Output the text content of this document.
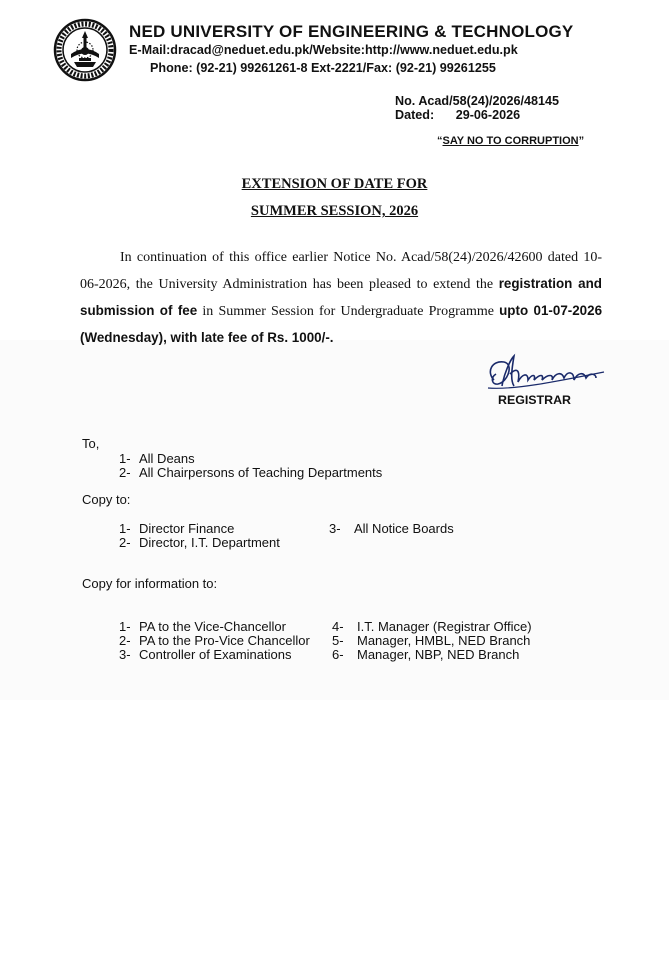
NED UNIVERSITY OF ENGINEERING & TECHNOLOGY
E-Mail:dracad@neduet.edu.pk/Website:http://www.neduet.edu.pk
Phone: (92-21) 99261261-8 Ext-2221/Fax: (92-21) 99261255
No. Acad/58(24)/2026/48145
Dated: 29-06-2026
“SAY NO TO CORRUPTION”
EXTENSION OF DATE FOR
SUMMER SESSION, 2026

In continuation of this office earlier Notice No. Acad/58(24)/2026/42600 dated 10-06-2026, the University Administration has been pleased to extend the registration and submission of fee in Summer Session for Undergraduate Programme upto 01-07-2026 (Wednesday), with late fee of Rs. 1000/-.

REGISTRAR
To,
1- All Deans
2- All Chairpersons of Teaching Departments
Copy to:
1- Director Finance
2- Director, I.T. Department
3- All Notice Boards
Copy for information to:
1- PA to the Vice-Chancellor
2- PA to the Pro-Vice Chancellor
3- Controller of Examinations
4- I.T. Manager (Registrar Office)
5- Manager, HMBL, NED Branch
6- Manager, NBP, NED Branch
